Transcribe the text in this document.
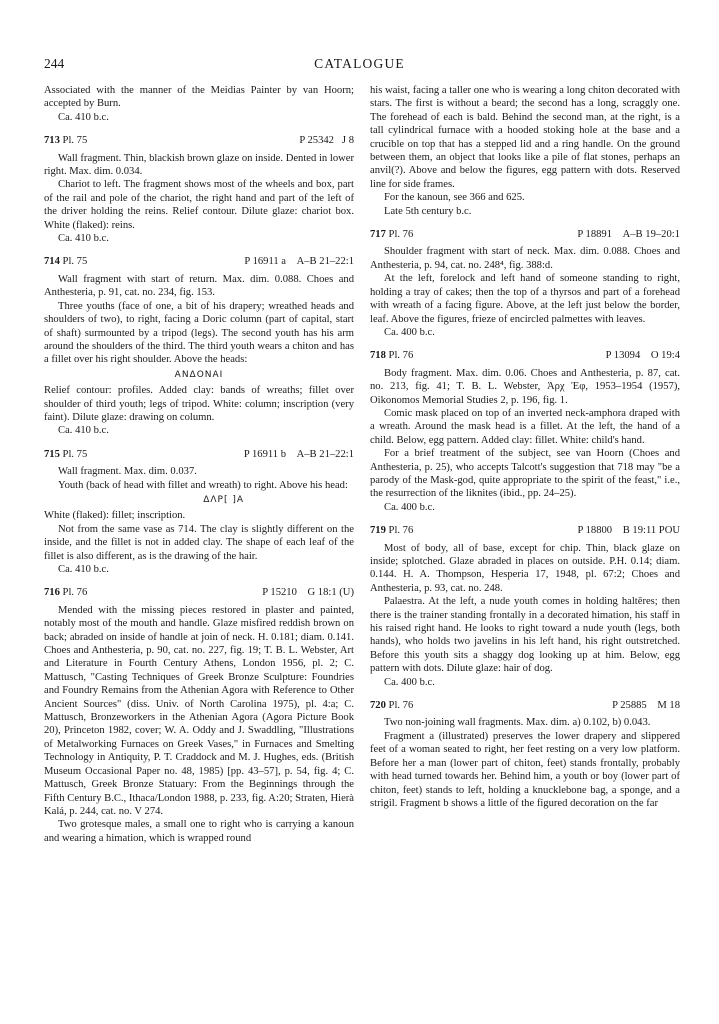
244	CATALOGUE

Associated with the manner of the Meidias Painter by van Hoorn; accepted by Burn.

Ca. 410 b.c.

713 Pl. 75	P 25342 J 8

Wall fragment. Thin, blackish brown glaze on inside. Dented in lower right. Max. dim. 0.034.

Chariot to left. The fragment shows most of the wheels and box, part of the rail and pole of the chariot, the right hand and part of the left of the driver holding the reins. Relief contour. Dilute glaze: chariot box. White (flaked): reins.

Ca. 410 b.c.

714 Pl. 75	P 16911 a A–B 21–22:1

Wall fragment with start of return. Max. dim. 0.088. Choes and Anthesteria, p. 91, cat. no. 234, fig. 153.

Three youths (face of one, a bit of his drapery; wreathed heads and shoulders of two), to right, facing a Doric column (part of capital, start of shaft) surmounted by a tripod (legs). The second youth has his arm around the shoulders of the third. The third youth wears a chiton and has a fillet over his right shoulder. Above the heads:

ΑΝΔΟΝΑΙ

Relief contour: profiles. Added clay: bands of wreaths; fillet over shoulder of third youth; legs of tripod. White: column; inscription (very faint). Dilute glaze: drawing on column.

Ca. 410 b.c.

715 Pl. 75	P 16911 b A–B 21–22:1

Wall fragment. Max. dim. 0.037.

Youth (back of head with fillet and wreath) to right. Above his head:

ΔΛΡ[ ]Α

White (flaked): fillet; inscription.

Not from the same vase as 714. The clay is slightly different on the inside, and the fillet is not in added clay. The shape of each leaf of the fillet is also different, as is the drawing of the hair.

Ca. 410 b.c.

716 Pl. 76	P 15210 G 18:1 (U)

Mended with the missing pieces restored in plaster and painted, notably most of the mouth and handle. Glaze misfired reddish brown on back; abraded on inside of handle at join of neck. H. 0.181; diam. 0.141. Choes and Anthesteria, p. 90, cat. no. 227, fig. 19; T. B. L. Webster, Art and Literature in Fourth Century Athens, London 1956, pl. 2; C. Mattusch, "Casting Techniques of Greek Bronze Sculpture: Foundries and Foundry Remains from the Athenian Agora with Reference to Other Ancient Sources" (diss. Univ. of North Carolina 1975), pl. 4:a; C. Mattusch, Bronzeworkers in the Athenian Agora (Agora Picture Book 20), Princeton 1982, cover; W. A. Oddy and J. Swaddling, "Illustrations of Metalworking Furnaces on Greek Vases," in Furnaces and Smelting Technology in Antiquity, P. T. Craddock and M. J. Hughes, eds. (British Museum Occasional Paper no. 48, 1985) [pp. 43–57], p. 54, fig. 4; C. Mattusch, Greek Bronze Statuary: From the Beginnings through the Fifth Century B.C., Ithaca/London 1988, p. 233, fig. A:20; Straten, Hierà Kalá, p. 244, cat. no. V 274.

Two grotesque males, a small one to right who is carrying a kanoun and wearing a himation, which is wrapped round

his waist, facing a taller one who is wearing a long chiton decorated with stars. The first is without a beard; the second has a long, scraggly one. The forehead of each is bald. Behind the second man, at the right, is a tall cylindrical furnace with a hooded stoking hole at the base and a crucible on top that has a stepped lid and a ring handle. On the ground between them, an object that looks like a pile of flat stones, perhaps an anvil(?). Above and below the figures, egg pattern with dots. Reserved line for side frames.

For the kanoun, see 366 and 625.

Late 5th century b.c.

717 Pl. 76	P 18891 A–B 19–20:1

Shoulder fragment with start of neck. Max. dim. 0.088. Choes and Anthesteria, p. 94, cat. no. 248⁴, fig. 388:d.

At the left, forelock and left hand of someone standing to right, holding a tray of cakes; then the top of a thyrsos and part of a forehead with wreath of a facing figure. Above, at the left just below the border, leaf. Above the figures, frieze of encircled palmettes with leaves.

Ca. 400 b.c.

718 Pl. 76	P 13094 O 19:4

Body fragment. Max. dim. 0.06. Choes and Anthesteria, p. 87, cat. no. 213, fig. 41; T. B. L. Webster, Ἀρχ Ἐφ, 1953–1954 (1957), Oikonomos Memorial Studies 2, p. 196, fig. 1.

Comic mask placed on top of an inverted neck-amphora draped with a wreath. Around the mask head is a fillet. At the left, the hand of a child. Below, egg pattern. Added clay: fillet. White: child's hand.

For a brief treatment of the subject, see van Hoorn (Choes and Anthesteria, p. 25), who accepts Talcott's suggestion that 718 may "be a parody of the Mask-god, quite appropriate to the spirit of the feast," i.e., the resurrection of the liknites (ibid., pp. 24–25).

Ca. 400 b.c.

719 Pl. 76	P 18800 B 19:11 POU

Most of body, all of base, except for chip. Thin, black glaze on inside; splotched. Glaze abraded in places on outside. P.H. 0.14; diam. 0.144. H. A. Thompson, Hesperia 17, 1948, pl. 67:2; Choes and Anthesteria, p. 93, cat. no. 248.

Palaestra. At the left, a nude youth comes in holding haltēres; then there is the trainer standing frontally in a decorated himation, his staff in his raised right hand. He looks to right toward a nude youth (legs, both hands), who holds two javelins in his left hand, his right outstretched. Before this youth sits a shaggy dog looking up at him. Below, egg pattern with dots. Dilute glaze: hair of dog.

Ca. 400 b.c.

720 Pl. 76	P 25885 M 18

Two non-joining wall fragments. Max. dim. a) 0.102, b) 0.043.

Fragment a (illustrated) preserves the lower drapery and slippered feet of a woman seated to right, her feet resting on a very low platform. Before her a man (lower part of chiton, feet) stands frontally, probably with head turned towards her. Behind him, a youth or boy (lower part of chiton, feet) stands to left, holding a knucklebone bag, a sponge, and a strigil. Fragment b shows a little of the figured decoration on the far
